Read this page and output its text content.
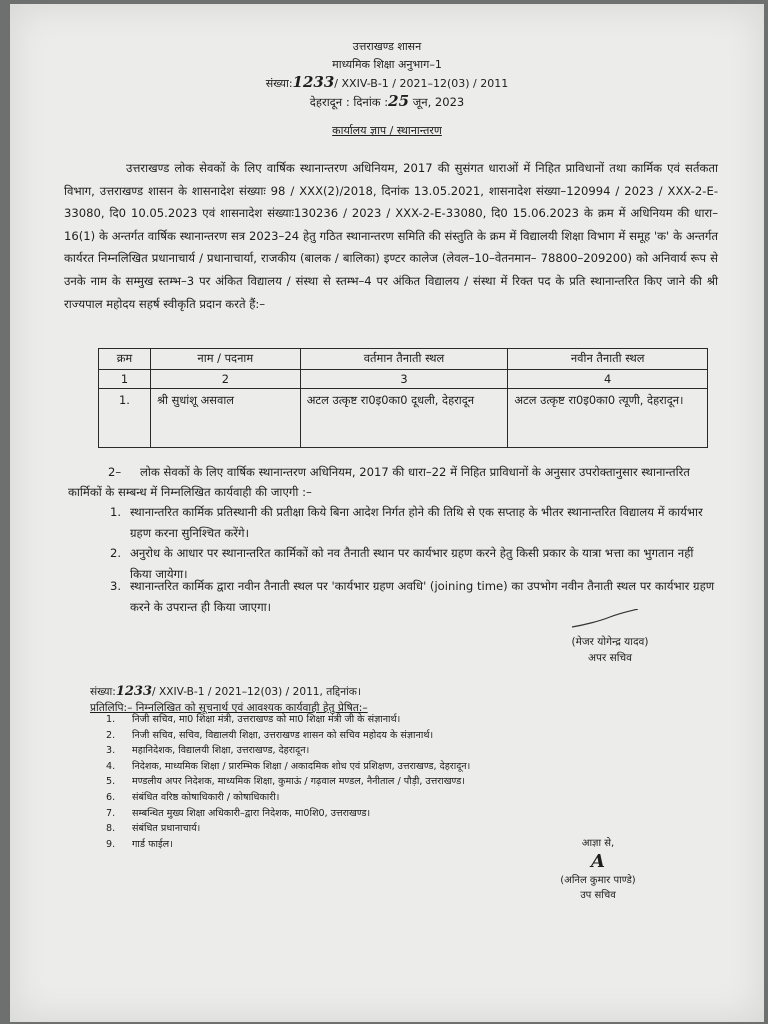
उत्तराखण्ड शासन
माध्यमिक शिक्षा अनुभाग–1
संख्या:1233/ XXIV-B-1 / 2021–12(03) / 2011
देहरादून : दिनांक :25 जून, 2023
कार्यालय ज्ञाप / स्थानान्तरण
उत्तराखण्ड लोक सेवकों के लिए वार्षिक स्थानान्तरण अधिनियम, 2017 की सुसंगत धाराओं में निहित प्राविधानों तथा कार्मिक एवं सर्तकता विभाग, उत्तराखण्ड शासन के शासनादेश संख्याः 98 / XXX(2)/2018, दिनांक 13.05.2021, शासनादेश संख्या–120994 / 2023 / XXX-2-E-33080, दि0 10.05.2023 एवं शासनादेश संख्याः130236 / 2023 / XXX-2-E-33080, दि0 15.06.2023 के क्रम में अधिनियम की धारा–16(1) के अन्तर्गत वार्षिक स्थानान्तरण सत्र 2023–24 हेतु गठित स्थानान्तरण समिति की संस्तुति के क्रम में विद्यालयी शिक्षा विभाग में समूह 'क' के अन्तर्गत कार्यरत निम्नलिखित प्रधानाचार्य / प्रधानाचार्या, राजकीय (बालक / बालिका) इण्टर कालेज (लेवल–10–वेतनमान– 78800–209200) को अनिवार्य रूप से उनके नाम के सम्मुख स्तम्भ–3 पर अंकित विद्यालय / संस्था से स्तम्भ–4 पर अंकित विद्यालय / संस्था में रिक्त पद के प्रति स्थानान्तरित किए जाने की श्री राज्यपाल महोदय सहर्ष स्वीकृति प्रदान करते हैं:–
क्रम	नाम / पदनाम	वर्तमान तैनाती स्थल	नवीन तैनाती स्थल
1	2	3	4
1.	श्री सुधांशू असवाल	अटल उत्कृष्ट रा0इ0का0 दूधली, देहरादून	अटल उत्कृष्ट रा0इ0का0 त्यूणी, देहरादून।
2– लोक सेवकों के लिए वार्षिक स्थानान्तरण अधिनियम, 2017 की धारा–22 में निहित प्राविधानों के अनुसार उपरोक्तानुसार स्थानान्तरित कार्मिकों के सम्बन्ध में निम्नलिखित कार्यवाही की जाएगी :–
1. स्थानान्तरित कार्मिक प्रतिस्थानी की प्रतीक्षा किये बिना आदेश निर्गत होने की तिथि से एक सप्ताह के भीतर स्थानान्तरित विद्यालय में कार्यभार ग्रहण करना सुनिश्चित करेंगे।
2. अनुरोध के आधार पर स्थानान्तरित कार्मिकों को नव तैनाती स्थान पर कार्यभार ग्रहण करने हेतु किसी प्रकार के यात्रा भत्ता का भुगतान नहीं किया जायेगा।
3. स्थानान्तरित कार्मिक द्वारा नवीन तैनाती स्थल पर 'कार्यभार ग्रहण अवधि' (joining time) का उपभोग नवीन तैनाती स्थल पर कार्यभार ग्रहण करने के उपरान्त ही किया जाएगा।
(मेजर योगेन्द्र यादव)
अपर सचिव
संख्या:1233/ XXIV-B-1 / 2021–12(03) / 2011, तद्दिनांक।
प्रतिलिपि:– निम्नलिखित को सूचनार्थ एवं आवश्यक कार्यवाही हेतु प्रेषित:–
1. निजी सचिव, मा0 शिक्षा मंत्री, उत्तराखण्ड को मा0 शिक्षा मंत्री जी के संज्ञानार्थ।
2. निजी सचिव, सचिव, विद्यालयी शिक्षा, उत्तराखण्ड शासन को सचिव महोदय के संज्ञानार्थ।
3. महानिदेशक, विद्यालयी शिक्षा, उत्तराखण्ड, देहरादून।
4. निदेशक, माध्यमिक शिक्षा / प्रारम्भिक शिक्षा / अकादमिक शोध एवं प्रशिक्षण, उत्तराखण्ड, देहरादून।
5. मण्डलीय अपर निदेशक, माध्यमिक शिक्षा, कुमाऊं / गढ़वाल मण्डल, नैनीताल / पौड़ी, उत्तराखण्ड।
6. संबंधित वरिष्ठ कोषाधिकारी / कोषाधिकारी।
7. सम्बन्धित मुख्य शिक्षा अधिकारी–द्वारा निदेशक, मा0शि0, उत्तराखण्ड।
8. संबंधित प्रधानाचार्य।
9. गार्ड फाईल।	आज्ञा से,
A
(अनिल कुमार पाण्डे)
उप सचिव
